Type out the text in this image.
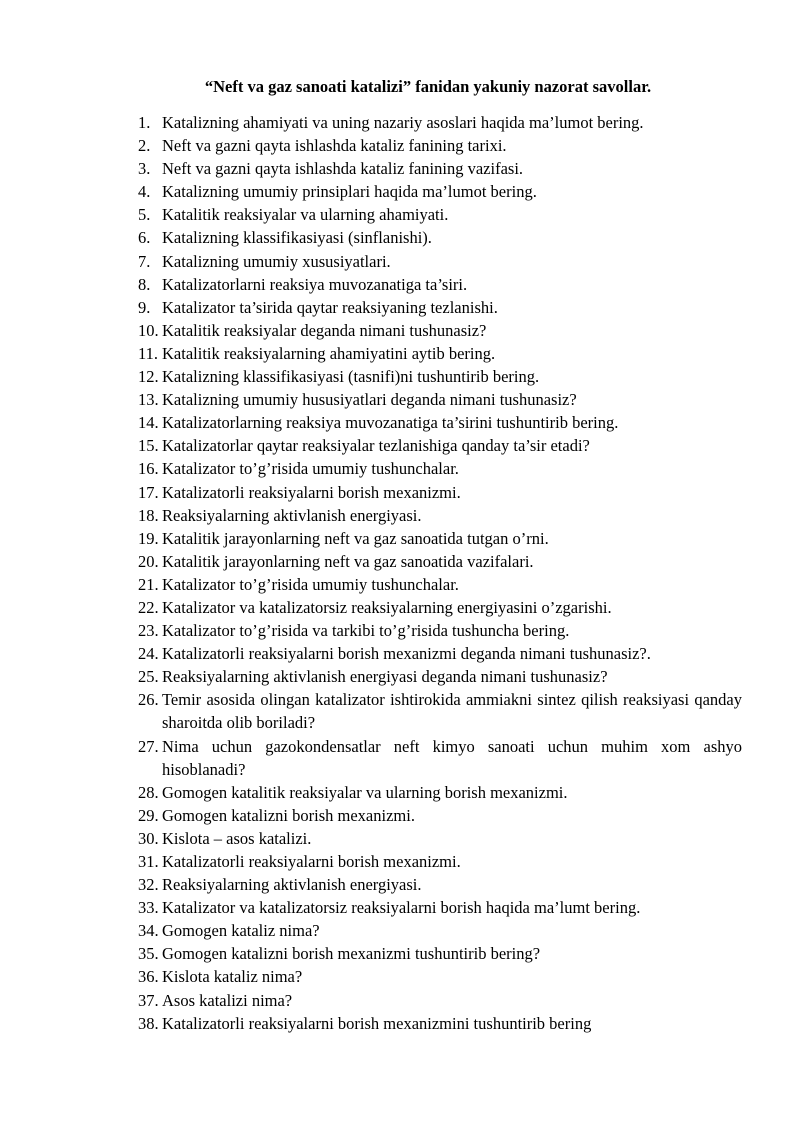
“Neft va gaz sanoati katalizi” fanidan yakuniy nazorat savollar.
1. Katalizning ahamiyati va uning nazariy asoslari haqida ma’lumot bering.
2. Neft va gazni qayta ishlashda kataliz fanining tarixi.
3. Neft va gazni qayta ishlashda kataliz fanining vazifasi.
4. Katalizning umumiy prinsiplari haqida ma’lumot bering.
5. Katalitik reaksiyalar va ularning ahamiyati.
6. Katalizning klassifikasiyasi (sinflanishi).
7. Katalizning umumiy xususiyatlari.
8. Katalizatorlarni reaksiya muvozanatiga ta’siri.
9. Katalizator ta’sirida qaytar reaksiyaning tezlanishi.
10. Katalitik reaksiyalar deganda nimani tushunasiz?
11. Katalitik reaksiyalarning ahamiyatini aytib bering.
12. Katalizning klassifikasiyasi (tasnifi)ni tushuntirib bering.
13. Katalizning umumiy hususiyatlari deganda nimani tushunasiz?
14. Katalizatorlarning reaksiya muvozanatiga ta’sirini tushuntirib bering.
15. Katalizatorlar qaytar reaksiyalar tezlanishiga qanday ta’sir etadi?
16. Katalizator to’g’risida umumiy tushunchalar.
17. Katalizatorli reaksiyalarni borish mexanizmi.
18. Reaksiyalarning aktivlanish energiyasi.
19. Katalitik jarayonlarning neft va gaz sanoatida tutgan o’rni.
20. Katalitik jarayonlarning neft va gaz sanoatida vazifalari.
21. Katalizator to’g’risida umumiy tushunchalar.
22. Katalizator va katalizatorsiz reaksiyalarning energiyasini o’zgarishi.
23. Katalizator to’g’risida va tarkibi to’g’risida tushuncha bering.
24. Katalizatorli reaksiyalarni borish mexanizmi deganda nimani tushunasiz?.
25. Reaksiyalarning aktivlanish energiyasi deganda nimani tushunasiz?
26. Temir asosida olingan katalizator ishtirokida ammiakni sintez qilish reaksiyasi qanday sharoitda olib boriladi?
27. Nima uchun gazokondensatlar neft kimyo sanoati uchun muhim xom ashyo hisoblanadi?
28. Gomogen katalitik reaksiyalar va ularning borish mexanizmi.
29. Gomogen katalizni borish mexanizmi.
30. Kislota – asos katalizi.
31. Katalizatorli reaksiyalarni borish mexanizmi.
32. Reaksiyalarning aktivlanish energiyasi.
33. Katalizator va katalizatorsiz reaksiyalarni borish haqida ma’lumt bering.
34. Gomogen kataliz nima?
35. Gomogen katalizni borish mexanizmi tushuntirib bering?
36. Kislota kataliz nima?
37. Asos katalizi nima?
38. Katalizatorli reaksiyalarni borish mexanizmini tushuntirib bering
